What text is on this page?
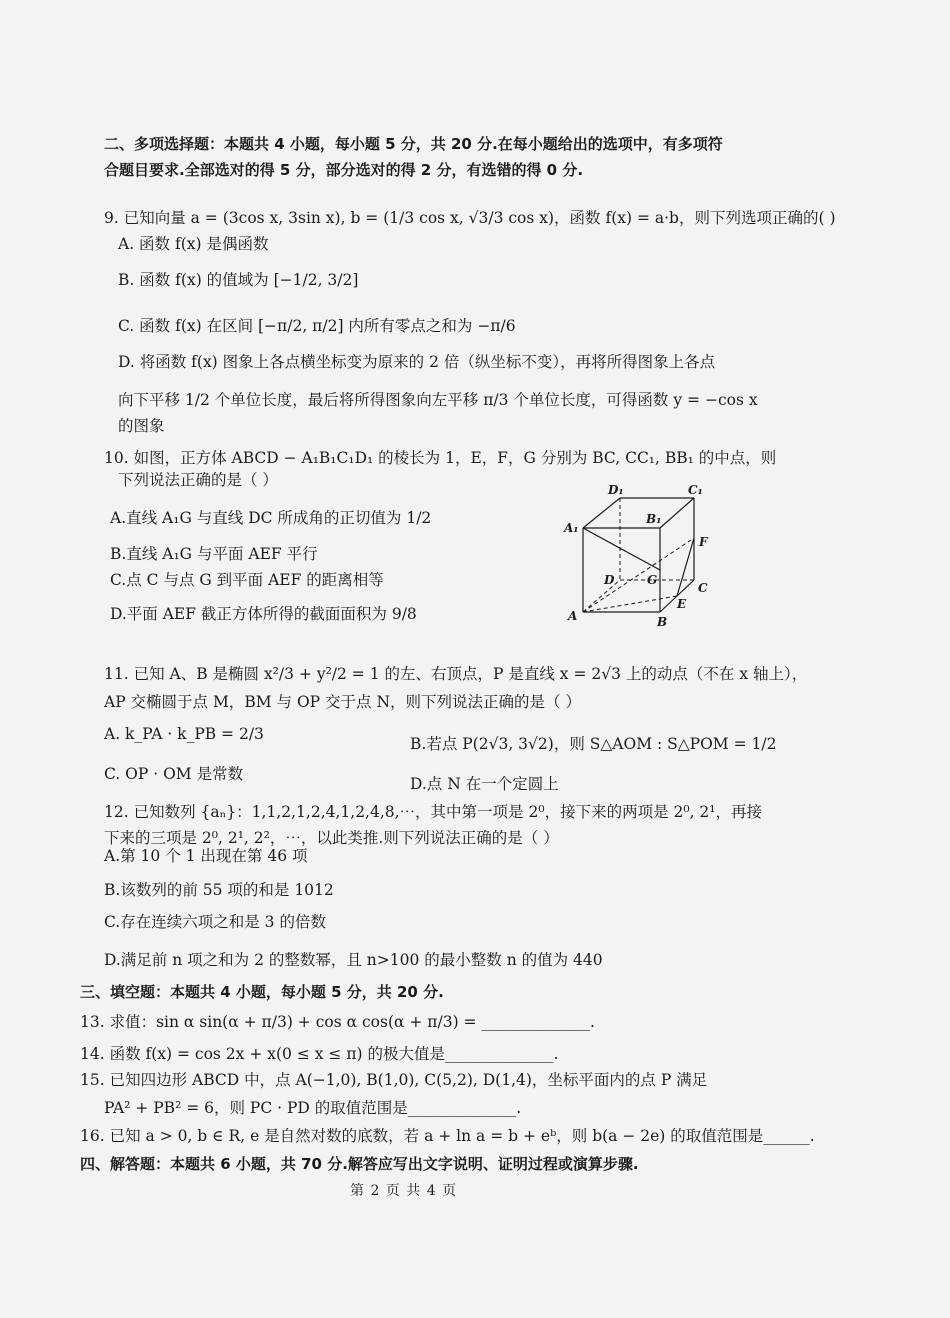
二、多项选择题：本题共 4 小题，每小题 5 分，共 20 分.在每小题给出的选项中，有多项符
合题目要求.全部选对的得 5 分，部分选对的得 2 分，有选错的得 0 分.
9. 已知向量 a = (3cos x, 3sin x), b = (1/3 cos x, √3/3 cos x)，函数 f(x) = a·b，则下列选项正确的( )
A. 函数 f(x) 是偶函数
B. 函数 f(x) 的值域为 [−1/2, 3/2]
C. 函数 f(x) 在区间 [−π/2, π/2] 内所有零点之和为 −π/6
D. 将函数 f(x) 图象上各点横坐标变为原来的 2 倍（纵坐标不变），再将所得图象上各点
向下平移 1/2 个单位长度，最后将所得图象向左平移 π/3 个单位长度，可得函数 y = −cos x
的图象
10. 如图，正方体 ABCD − A₁B₁C₁D₁ 的棱长为 1，E，F，G 分别为 BC, CC₁, BB₁ 的中点，则
下列说法正确的是（ ）
A.直线 A₁G 与直线 DC 所成角的正切值为 1/2
B.直线 A₁G 与平面 AEF 平行
C.点 C 与点 G 到平面 AEF 的距离相等
D.平面 AEF 截正方体所得的截面面积为 9/8
D₁	C₁
A₁
B₁
F
D	G
C
A
E
B
11. 已知 A、B 是椭圆 x²/3 + y²/2 = 1 的左、右顶点，P 是直线 x = 2√3 上的动点（不在 x 轴上），
AP 交椭圆于点 M，BM 与 OP 交于点 N，则下列说法正确的是（ ）
A. k_PA · k_PB = 2/3
B.若点 P(2√3, 3√2)，则 S△AOM : S△POM = 1/2
C. OP · OM 是常数
D.点 N 在一个定圆上
12. 已知数列 {aₙ}：1,1,2,1,2,4,1,2,4,8,⋯，其中第一项是 2⁰，接下来的两项是 2⁰, 2¹，再接
下来的三项是 2⁰, 2¹, 2²，⋯，以此类推.则下列说法正确的是（ ）
A.第 10 个 1 出现在第 46 项
B.该数列的前 55 项的和是 1012
C.存在连续六项之和是 3 的倍数
D.满足前 n 项之和为 2 的整数幂，且 n>100 的最小整数 n 的值为 440
三、填空题：本题共 4 小题，每小题 5 分，共 20 分.
13. 求值：sin α sin(α + π/3) + cos α cos(α + π/3) = ______________.
14. 函数 f(x) = cos 2x + x(0 ≤ x ≤ π) 的极大值是______________.
15. 已知四边形 ABCD 中，点 A(−1,0), B(1,0), C(5,2), D(1,4)，坐标平面内的点 P 满足
PA² + PB² = 6，则 PC · PD 的取值范围是______________.
16. 已知 a > 0, b ∈ R, e 是自然对数的底数，若 a + ln a = b + eᵇ，则 b(a − 2e) 的取值范围是______.
四、解答题：本题共 6 小题，共 70 分.解答应写出文字说明、证明过程或演算步骤.
第 2 页 共 4 页
